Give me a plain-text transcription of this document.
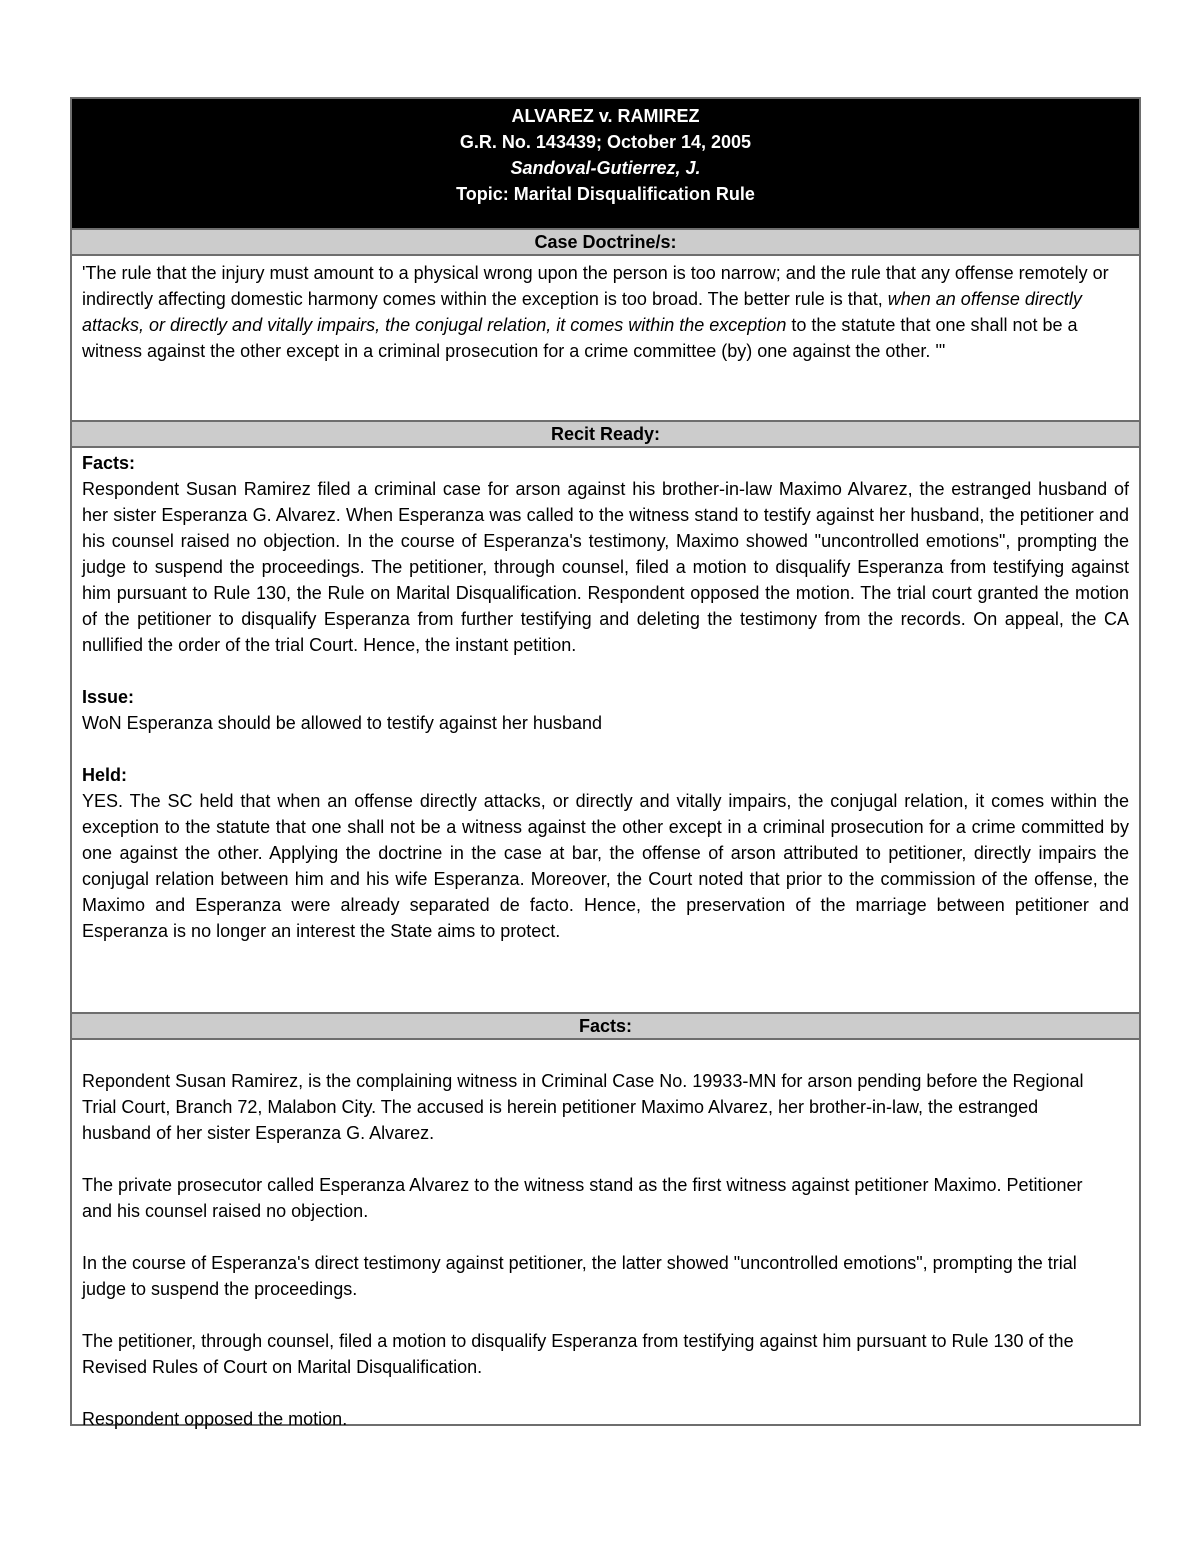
ALVAREZ v. RAMIREZ
G.R. No. 143439; October 14, 2005
Sandoval-Gutierrez, J.
Topic: Marital Disqualification Rule
Case Doctrine/s:
'The rule that the injury must amount to a physical wrong upon the person is too narrow; and the rule that any offense remotely or indirectly affecting domestic harmony comes within the exception is too broad. The better rule is that, when an offense directly attacks, or directly and vitally impairs, the conjugal relation, it comes within the exception to the statute that one shall not be a witness against the other except in a criminal prosecution for a crime committee (by) one against the other. '"
Recit Ready:
Facts:
Respondent Susan Ramirez filed a criminal case for arson against his brother-in-law Maximo Alvarez, the estranged husband of her sister Esperanza G. Alvarez. When Esperanza was called to the witness stand to testify against her husband, the petitioner and his counsel raised no objection. In the course of Esperanza's testimony, Maximo showed "uncontrolled emotions", prompting the judge to suspend the proceedings. The petitioner, through counsel, filed a motion to disqualify Esperanza from testifying against him pursuant to Rule 130, the Rule on Marital Disqualification. Respondent opposed the motion. The trial court granted the motion of the petitioner to disqualify Esperanza from further testifying and deleting the testimony from the records. On appeal, the CA nullified the order of the trial Court. Hence, the instant petition.
Issue:
WoN Esperanza should be allowed to testify against her husband
Held:
YES. The SC held that when an offense directly attacks, or directly and vitally impairs, the conjugal relation, it comes within the exception to the statute that one shall not be a witness against the other except in a criminal prosecution for a crime committed by one against the other. Applying the doctrine in the case at bar, the offense of arson attributed to petitioner, directly impairs the conjugal relation between him and his wife Esperanza. Moreover, the Court noted that prior to the commission of the offense, the Maximo and Esperanza were already separated de facto. Hence, the preservation of the marriage between petitioner and Esperanza is no longer an interest the State aims to protect.
Facts:

Repondent Susan Ramirez, is the complaining witness in Criminal Case No. 19933-MN for arson pending before the Regional Trial Court, Branch 72, Malabon City. The accused is herein petitioner Maximo Alvarez, her brother-in-law, the estranged husband of her sister Esperanza G. Alvarez.

The private prosecutor called Esperanza Alvarez to the witness stand as the first witness against petitioner Maximo. Petitioner and his counsel raised no objection.

In the course of Esperanza's direct testimony against petitioner, the latter showed "uncontrolled emotions", prompting the trial judge to suspend the proceedings.

The petitioner, through counsel, filed a motion to disqualify Esperanza from testifying against him pursuant to Rule 130 of the Revised Rules of Court on Marital Disqualification.

Respondent opposed the motion.
